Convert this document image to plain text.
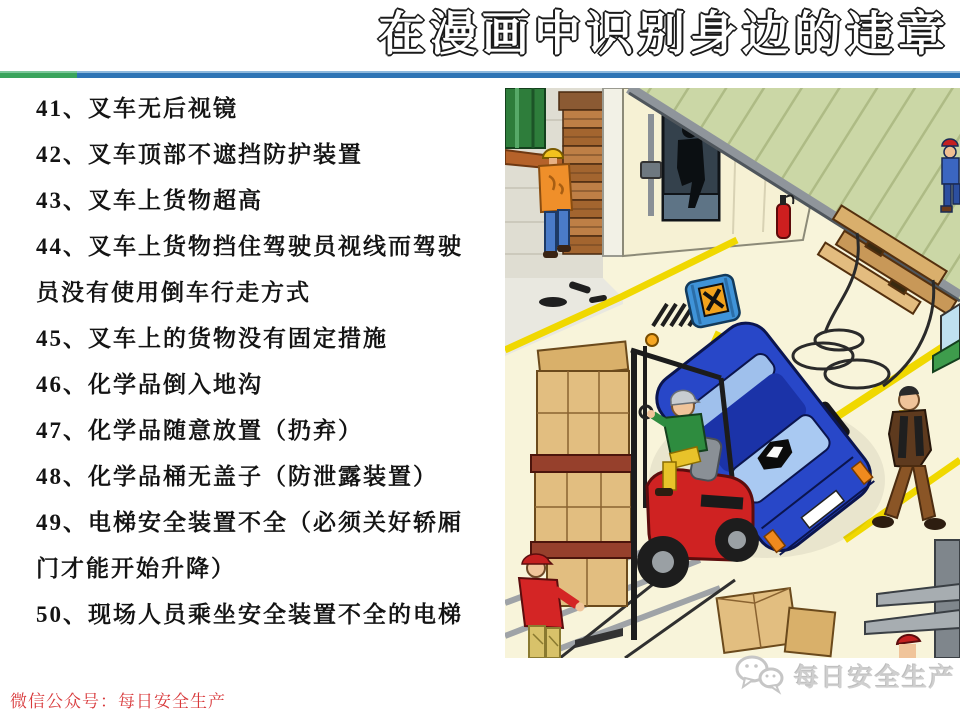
在漫画中识别身边的违章
41、叉车无后视镜
42、叉车顶部不遮挡防护装置
43、叉车上货物超高
44、叉车上货物挡住驾驶员视线而驾驶员没有使用倒车行走方式
45、叉车上的货物没有固定措施
46、化学品倒入地沟
47、化学品随意放置（扔弃）
48、化学品桶无盖子（防泄露装置）
49、电梯安全装置不全（必须关好轿厢门才能开始升降）
50、现场人员乘坐安全装置不全的电梯
微信公众号：每日安全生产
每日安全生产
